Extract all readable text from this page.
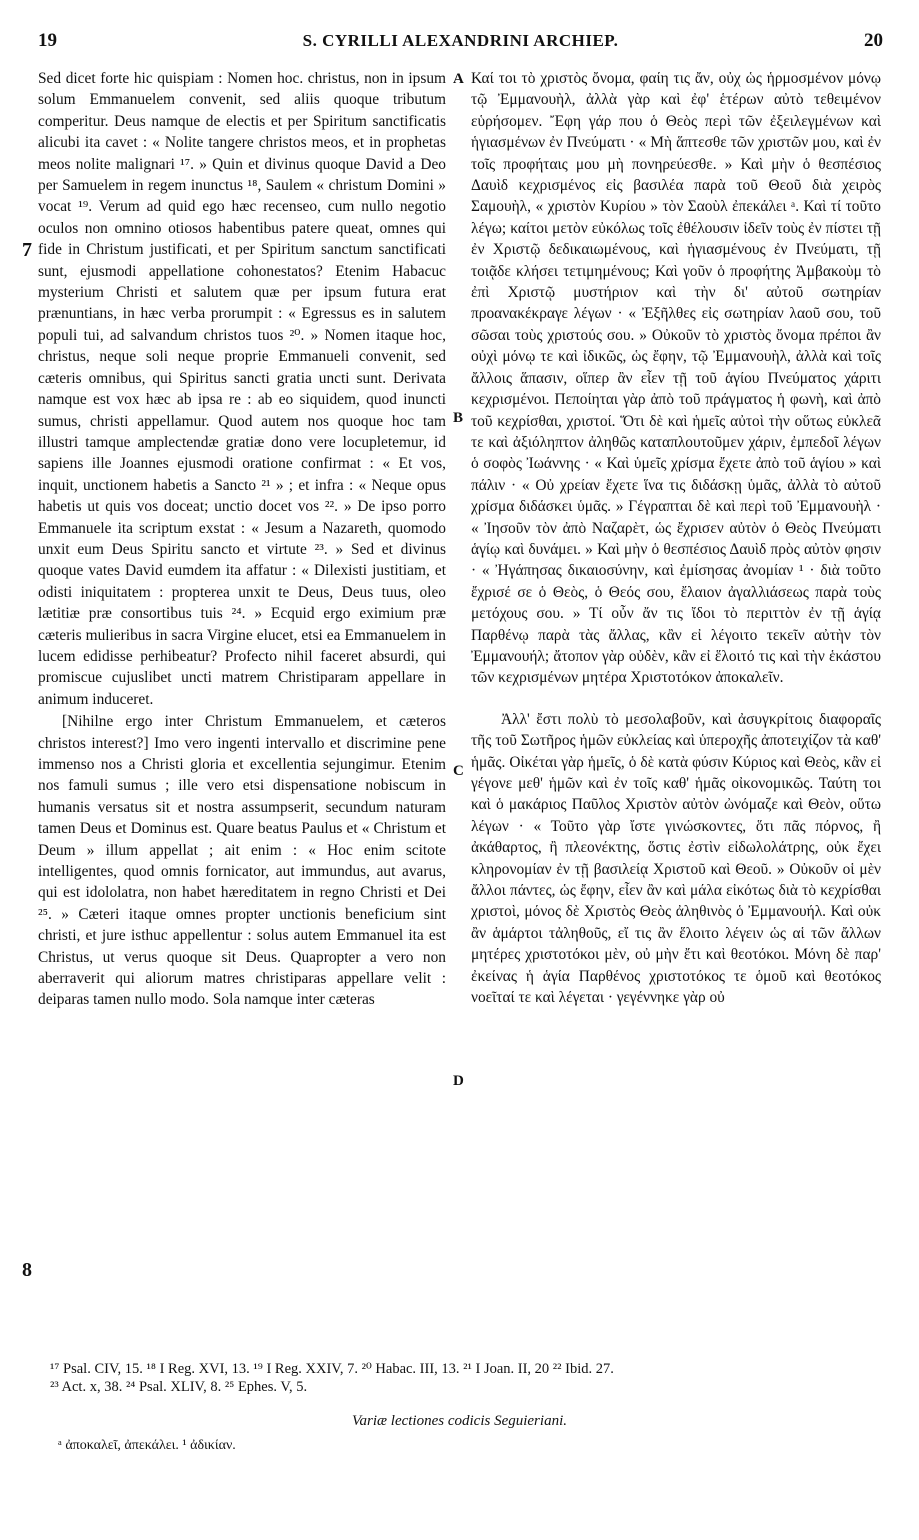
19	S. CYRILLI ALEXANDRINI ARCHIEP.	20

Sed dicet forte hic quispiam : Nomen hoc. christus, non in ipsum solum Emmanuelem convenit, sed aliis quoque tributum comperitur. Deus namque de electis et per Spiritum sanctificatis alicubi ita cavet : « Nolite tangere christos meos, et in prophetas meos nolite malignari ¹⁷. » Quin et divinus quoque David a Deo per Samuelem in regem inunctus ¹⁸, Saulem « christum Domini » vocat ¹⁹. Verum ad quid ego hæc recenseo, cum nullo negotio oculos non omnino otiosos habentibus patere queat, omnes qui fide in Christum justificati, et per Spiritum sanctum sanctificati sunt, ejusmodi appellatione cohonestatos? Etenim Habacuc mysterium Christi et salutem quæ per ipsum futura erat prænuntians, in hæc verba prorumpit : « Egressus es in salutem populi tui, ad salvandum christos tuos ²⁰. » Nomen itaque hoc, christus, neque soli neque proprie Emmanueli convenit, sed cæteris omnibus, qui Spiritus sancti gratia uncti sunt. Derivata namque est vox hæc ab ipsa re : ab eo siquidem, quod inuncti sumus, christi appellamur. Quod autem nos quoque hoc tam illustri tamque amplectendæ gratiæ dono vere locupletemur, id sapiens ille Joannes ejusmodi oratione confirmat : « Et vos, inquit, unctionem habetis a Sancto ²¹ » ; et infra : « Neque opus habetis ut quis vos doceat; unctio docet vos ²². » De ipso porro Emmanuele ita scriptum exstat : « Jesum a Nazareth, quomodo unxit eum Deus Spiritu sancto et virtute ²³. » Sed et divinus quoque vates David eumdem ita affatur : « Dilexisti justitiam, et odisti iniquitatem : propterea unxit te Deus, Deus tuus, oleo lætitiæ præ consortibus tuis ²⁴. » Ecquid ergo eximium præ cæteris mulieribus in sacra Virgine elucet, etsi ea Emmanuelem in lucem edidisse perhibeatur? Profecto nihil faceret absurdi, qui promiscue cujuslibet uncti matrem Christiparam appellare in animum induceret.

[Nihilne ergo inter Christum Emmanuelem, et cæteros christos interest?] Imo vero ingenti intervallo et discrimine pene immenso nos a Christi gloria et excellentia sejungimur. Etenim nos famuli sumus ; ille vero etsi dispensatione nobiscum in humanis versatus sit et nostra assumpserit, secundum naturam tamen Deus et Dominus est. Quare beatus Paulus et « Christum et Deum » illum appellat ; ait enim : « Hoc enim scitote intelligentes, quod omnis fornicator, aut immundus, aut avarus, qui est idololatra, non habet hæreditatem in regno Christi et Dei ²⁵. » Cæteri itaque omnes propter unctionis beneficium sint christi, et jure isthuc appellentur : solus autem Emmanuel ita est Christus, ut verus quoque sit Deus. Quapropter a vero non aberraverit qui aliorum matres christiparas appellare velit : deiparas tamen nullo modo. Sola namque inter cæteras

Καί τοι τὸ χριστὸς ὄνομα, φαίη τις ἄν, οὐχ ὡς ἡρμοσμένον μόνῳ τῷ Ἐμμανουὴλ, ἀλλὰ γὰρ καὶ ἐφ' ἑτέρων αὐτὸ τεθειμένον εὑρήσομεν. Ἔφη γάρ που ὁ Θεὸς περὶ τῶν ἐξειλεγμένων καὶ ἡγιασμένων ἐν Πνεύματι · « Μὴ ἅπτεσθε τῶν χριστῶν μου, καὶ ἐν τοῖς προφήταις μου μὴ πονηρεύεσθε. » Καὶ μὴν ὁ θεσπέσιος Δαυὶδ κεχρισμένος εἰς βασιλέα παρὰ τοῦ Θεοῦ διὰ χειρὸς Σαμουὴλ, « χριστὸν Κυρίου » τὸν Σαοὺλ ἐπεκάλει ᵃ. Καὶ τί τοῦτο λέγω; καίτοι μετὸν εὐκόλως τοῖς ἐθέλουσιν ἰδεῖν τοὺς ἐν πίστει τῇ ἐν Χριστῷ δεδικαιωμένους, καὶ ἡγιασμένους ἐν Πνεύματι, τῇ τοιᾷδε κλήσει τετιμημένους; Καὶ γοῦν ὁ προφήτης Ἀμβακοὺμ τὸ ἐπὶ Χριστῷ μυστήριον καὶ τὴν δι' αὐτοῦ σωτηρίαν προανακέκραγε λέγων · « Ἐξῆλθες εἰς σωτηρίαν λαοῦ σου, τοῦ σῶσαι τοὺς χριστούς σου. » Οὐκοῦν τὸ χριστὸς ὄνομα πρέποι ἂν οὐχὶ μόνῳ τε καὶ ἰδικῶς, ὡς ἔφην, τῷ Ἐμμανουὴλ, ἀλλὰ καὶ τοῖς ἄλλοις ἅπασιν, οἵπερ ἂν εἶεν τῇ τοῦ ἁγίου Πνεύματος χάριτι κεχρισμένοι. Πεποίηται γὰρ ἀπὸ τοῦ πράγματος ἡ φωνὴ, καὶ ἀπὸ τοῦ κεχρίσθαι, χριστοί. Ὅτι δὲ καὶ ἡμεῖς αὐτοὶ τὴν οὕτως εὐκλεᾶ τε καὶ ἀξιόληπτον ἀληθῶς καταπλουτοῦμεν χάριν, ἐμπεδοῖ λέγων ὁ σοφὸς Ἰωάννης · « Καὶ ὑμεῖς χρίσμα ἔχετε ἀπὸ τοῦ ἁγίου » καὶ πάλιν · « Οὐ χρείαν ἔχετε ἵνα τις διδάσκῃ ὑμᾶς, ἀλλὰ τὸ αὐτοῦ χρίσμα διδάσκει ὑμᾶς. » Γέγραπται δὲ καὶ περὶ τοῦ Ἐμμανουὴλ · « Ἰησοῦν τὸν ἀπὸ Ναζαρὲτ, ὡς ἔχρισεν αὐτὸν ὁ Θεὸς Πνεύματι ἁγίῳ καὶ δυνάμει. » Καὶ μὴν ὁ θεσπέσιος Δαυὶδ πρὸς αὐτὸν φησιν · « Ἠγάπησας δικαιοσύνην, καὶ ἐμίσησας ἀνομίαν ¹ · διὰ τοῦτο ἔχρισέ σε ὁ Θεὸς, ὁ Θεός σου, ἔλαιον ἀγαλλιάσεως παρὰ τοὺς μετόχους σου. » Τί οὖν ἄν τις ἴδοι τὸ περιττὸν ἐν τῇ ἁγίᾳ Παρθένῳ παρὰ τὰς ἄλλας, κἂν εἰ λέγοιτο τεκεῖν αὐτὴν τὸν Ἐμμανουήλ; ἄτοπον γὰρ οὐδὲν, κἂν εἰ ἕλοιτό τις καὶ τὴν ἑκάστου τῶν κεχρισμένων μητέρα Χριστοτόκον ἀποκαλεῖν.

Ἀλλ' ἔστι πολὺ τὸ μεσολαβοῦν, καὶ ἀσυγκρίτοις διαφοραῖς τῆς τοῦ Σωτῆρος ἡμῶν εὐκλείας καὶ ὑπεροχῆς ἀποτειχίζον τὰ καθ' ἡμᾶς. Οἰκέται γὰρ ἡμεῖς, ὁ δὲ κατὰ φύσιν Κύριος καὶ Θεὸς, κἂν εἰ γέγονε μεθ' ἡμῶν καὶ ἐν τοῖς καθ' ἡμᾶς οἰκονομικῶς. Ταύτη τοι καὶ ὁ μακάριος Παῦλος Χριστὸν αὐτὸν ὠνόμαζε καὶ Θεὸν, οὕτω λέγων · « Τοῦτο γὰρ ἴστε γινώσκοντες, ὅτι πᾶς πόρνος, ἢ ἀκάθαρτος, ἢ πλεονέκτης, ὅστις ἐστὶν εἰδωλολάτρης, οὐκ ἔχει κληρονομίαν ἐν τῇ βασιλείᾳ Χριστοῦ καὶ Θεοῦ. » Οὐκοῦν οἱ μὲν ἄλλοι πάντες, ὡς ἔφην, εἶεν ἂν καὶ μάλα εἰκότως διὰ τὸ κεχρίσθαι χριστοὶ, μόνος δὲ Χριστὸς Θεὸς ἀληθινὸς ὁ Ἐμμανουήλ. Καὶ οὐκ ἂν ἁμάρτοι τἀληθοῦς, εἴ τις ἂν ἕλοιτο λέγειν ὡς αἱ τῶν ἄλλων μητέρες χριστοτόκοι μὲν, οὐ μὴν ἔτι καὶ θεοτόκοι. Μόνη δὲ παρ' ἐκείνας ἡ ἁγία Παρθένος χριστοτόκος τε ὁμοῦ καὶ θεοτόκος νοεῖταί τε καὶ λέγεται · γεγέννηκε γὰρ οὐ

A
B
C
D
7
8
¹⁷ Psal. CIV, 15. ¹⁸ I Reg. XVI, 13. ¹⁹ I Reg. XXIV, 7. ²⁰ Habac. III, 13. ²¹ I Joan. II, 20 ²² Ibid. 27.
²³ Act. x, 38. ²⁴ Psal. XLIV, 8. ²⁵ Ephes. V, 5.
Variæ lectiones codicis Seguieriani.
ᵃ ἀποκαλεῖ, ἀπεκάλει. ¹ ἀδικίαν.
